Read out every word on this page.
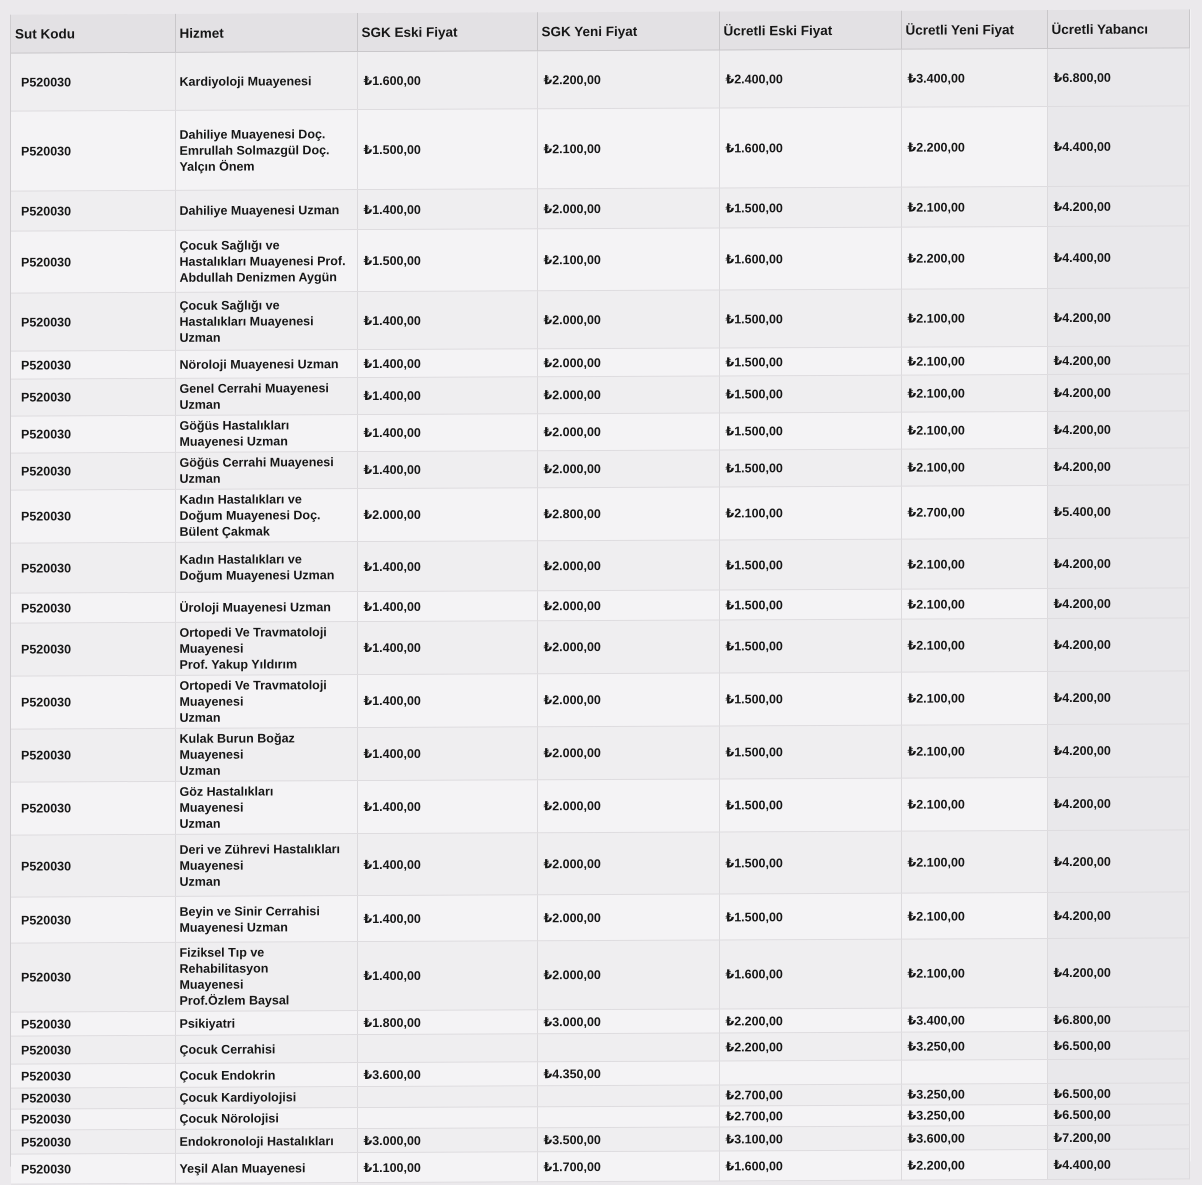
Sut Kodu	Hizmet	SGK Eski Fiyat	SGK Yeni Fiyat	Ücretli Eski Fiyat	Ücretli Yeni Fiyat	Ücretli Yabancı
P520030	Kardiyoloji Muayenesi	₺1.600,00	₺2.200,00	₺2.400,00	₺3.400,00	₺6.800,00
P520030	Dahiliye Muayenesi Doç.
Emrullah Solmazgül Doç.
Yalçın Önem	₺1.500,00	₺2.100,00	₺1.600,00	₺2.200,00	₺4.400,00
P520030	Dahiliye Muayenesi Uzman	₺1.400,00	₺2.000,00	₺1.500,00	₺2.100,00	₺4.200,00
P520030	Çocuk Sağlığı ve
Hastalıkları Muayenesi Prof.
Abdullah Denizmen Aygün	₺1.500,00	₺2.100,00	₺1.600,00	₺2.200,00	₺4.400,00
P520030	Çocuk Sağlığı ve
Hastalıkları Muayenesi
Uzman	₺1.400,00	₺2.000,00	₺1.500,00	₺2.100,00	₺4.200,00
P520030	Nöroloji Muayenesi Uzman	₺1.400,00	₺2.000,00	₺1.500,00	₺2.100,00	₺4.200,00
P520030	Genel Cerrahi Muayenesi
Uzman	₺1.400,00	₺2.000,00	₺1.500,00	₺2.100,00	₺4.200,00
P520030	Göğüs Hastalıkları
Muayenesi Uzman	₺1.400,00	₺2.000,00	₺1.500,00	₺2.100,00	₺4.200,00
P520030	Göğüs Cerrahi Muayenesi
Uzman	₺1.400,00	₺2.000,00	₺1.500,00	₺2.100,00	₺4.200,00
P520030	Kadın Hastalıkları ve
Doğum Muayenesi Doç.
Bülent Çakmak	₺2.000,00	₺2.800,00	₺2.100,00	₺2.700,00	₺5.400,00
P520030	Kadın Hastalıkları ve
Doğum Muayenesi Uzman	₺1.400,00	₺2.000,00	₺1.500,00	₺2.100,00	₺4.200,00
P520030	Üroloji Muayenesi Uzman	₺1.400,00	₺2.000,00	₺1.500,00	₺2.100,00	₺4.200,00
P520030	Ortopedi Ve Travmatoloji
Muayenesi
Prof. Yakup Yıldırım	₺1.400,00	₺2.000,00	₺1.500,00	₺2.100,00	₺4.200,00
P520030	Ortopedi Ve Travmatoloji
Muayenesi
Uzman	₺1.400,00	₺2.000,00	₺1.500,00	₺2.100,00	₺4.200,00
P520030	Kulak Burun Boğaz
Muayenesi
Uzman	₺1.400,00	₺2.000,00	₺1.500,00	₺2.100,00	₺4.200,00
P520030	Göz Hastalıkları
Muayenesi
Uzman	₺1.400,00	₺2.000,00	₺1.500,00	₺2.100,00	₺4.200,00
P520030	Deri ve Zührevi Hastalıkları
Muayenesi
Uzman	₺1.400,00	₺2.000,00	₺1.500,00	₺2.100,00	₺4.200,00
P520030	Beyin ve Sinir Cerrahisi
Muayenesi Uzman	₺1.400,00	₺2.000,00	₺1.500,00	₺2.100,00	₺4.200,00
P520030	Fiziksel Tıp ve
Rehabilitasyon
Muayenesi
Prof.Özlem Baysal	₺1.400,00	₺2.000,00	₺1.600,00	₺2.100,00	₺4.200,00
P520030	Psikiyatri	₺1.800,00	₺3.000,00	₺2.200,00	₺3.400,00	₺6.800,00
P520030	Çocuk Cerrahisi			₺2.200,00	₺3.250,00	₺6.500,00
P520030	Çocuk Endokrin	₺3.600,00	₺4.350,00			
P520030	Çocuk Kardiyolojisi			₺2.700,00	₺3.250,00	₺6.500,00
P520030	Çocuk Nörolojisi			₺2.700,00	₺3.250,00	₺6.500,00
P520030	Endokronoloji Hastalıkları	₺3.000,00	₺3.500,00	₺3.100,00	₺3.600,00	₺7.200,00
P520030	Yeşil Alan Muayenesi	₺1.100,00	₺1.700,00	₺1.600,00	₺2.200,00	₺4.400,00
